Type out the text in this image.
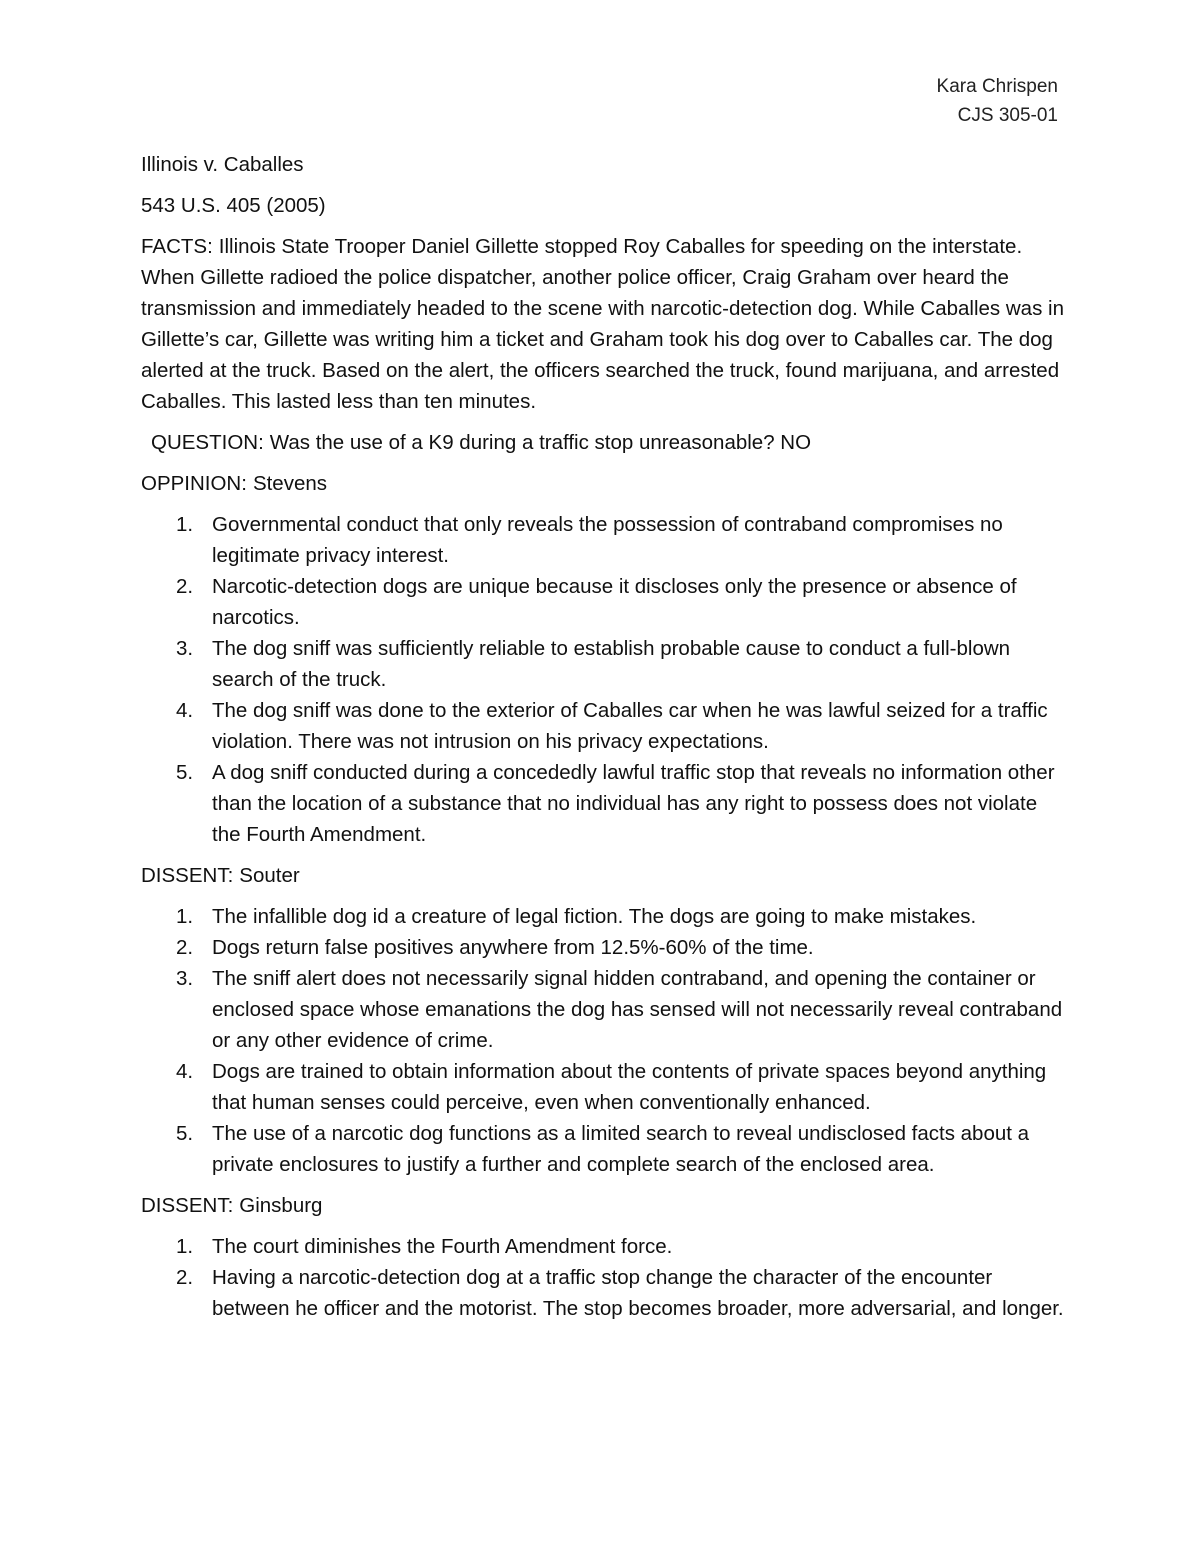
Kara Chrispen
CJS 305-01

Illinois v. Caballes

543 U.S. 405 (2005)

FACTS: Illinois State Trooper Daniel Gillette stopped Roy Caballes for speeding on the interstate. When Gillette radioed the police dispatcher, another police officer, Craig Graham over heard the transmission and immediately headed to the scene with narcotic-detection dog. While Caballes was in Gillette’s car, Gillette was writing him a ticket and Graham took his dog over to Caballes car. The dog alerted at the truck. Based on the alert, the officers searched the truck, found marijuana, and arrested Caballes. This lasted less than ten minutes.

QUESTION: Was the use of a K9 during a traffic stop unreasonable? NO

OPPINION: Stevens

1. Governmental conduct that only reveals the possession of contraband compromises no legitimate privacy interest.
2. Narcotic-detection dogs are unique because it discloses only the presence or absence of narcotics.
3. The dog sniff was sufficiently reliable to establish probable cause to conduct a full-blown search of the truck.
4. The dog sniff was done to the exterior of Caballes car when he was lawful seized for a traffic violation. There was not intrusion on his privacy expectations.
5. A dog sniff conducted during a concededly lawful traffic stop that reveals no information other than the location of a substance that no individual has any right to possess does not violate the Fourth Amendment.

DISSENT: Souter

1. The infallible dog id a creature of legal fiction. The dogs are going to make mistakes.
2. Dogs return false positives anywhere from 12.5%-60% of the time.
3. The sniff alert does not necessarily signal hidden contraband, and opening the container or enclosed space whose emanations the dog has sensed will not necessarily reveal contraband or any other evidence of crime.
4. Dogs are trained to obtain information about the contents of private spaces beyond anything that human senses could perceive, even when conventionally enhanced.
5. The use of a narcotic dog functions as a limited search to reveal undisclosed facts about a private enclosures to justify a further and complete search of the enclosed area.

DISSENT: Ginsburg

1. The court diminishes the Fourth Amendment force.
2. Having a narcotic-detection dog at a traffic stop change the character of the encounter between he officer and the motorist. The stop becomes broader, more adversarial, and longer.
